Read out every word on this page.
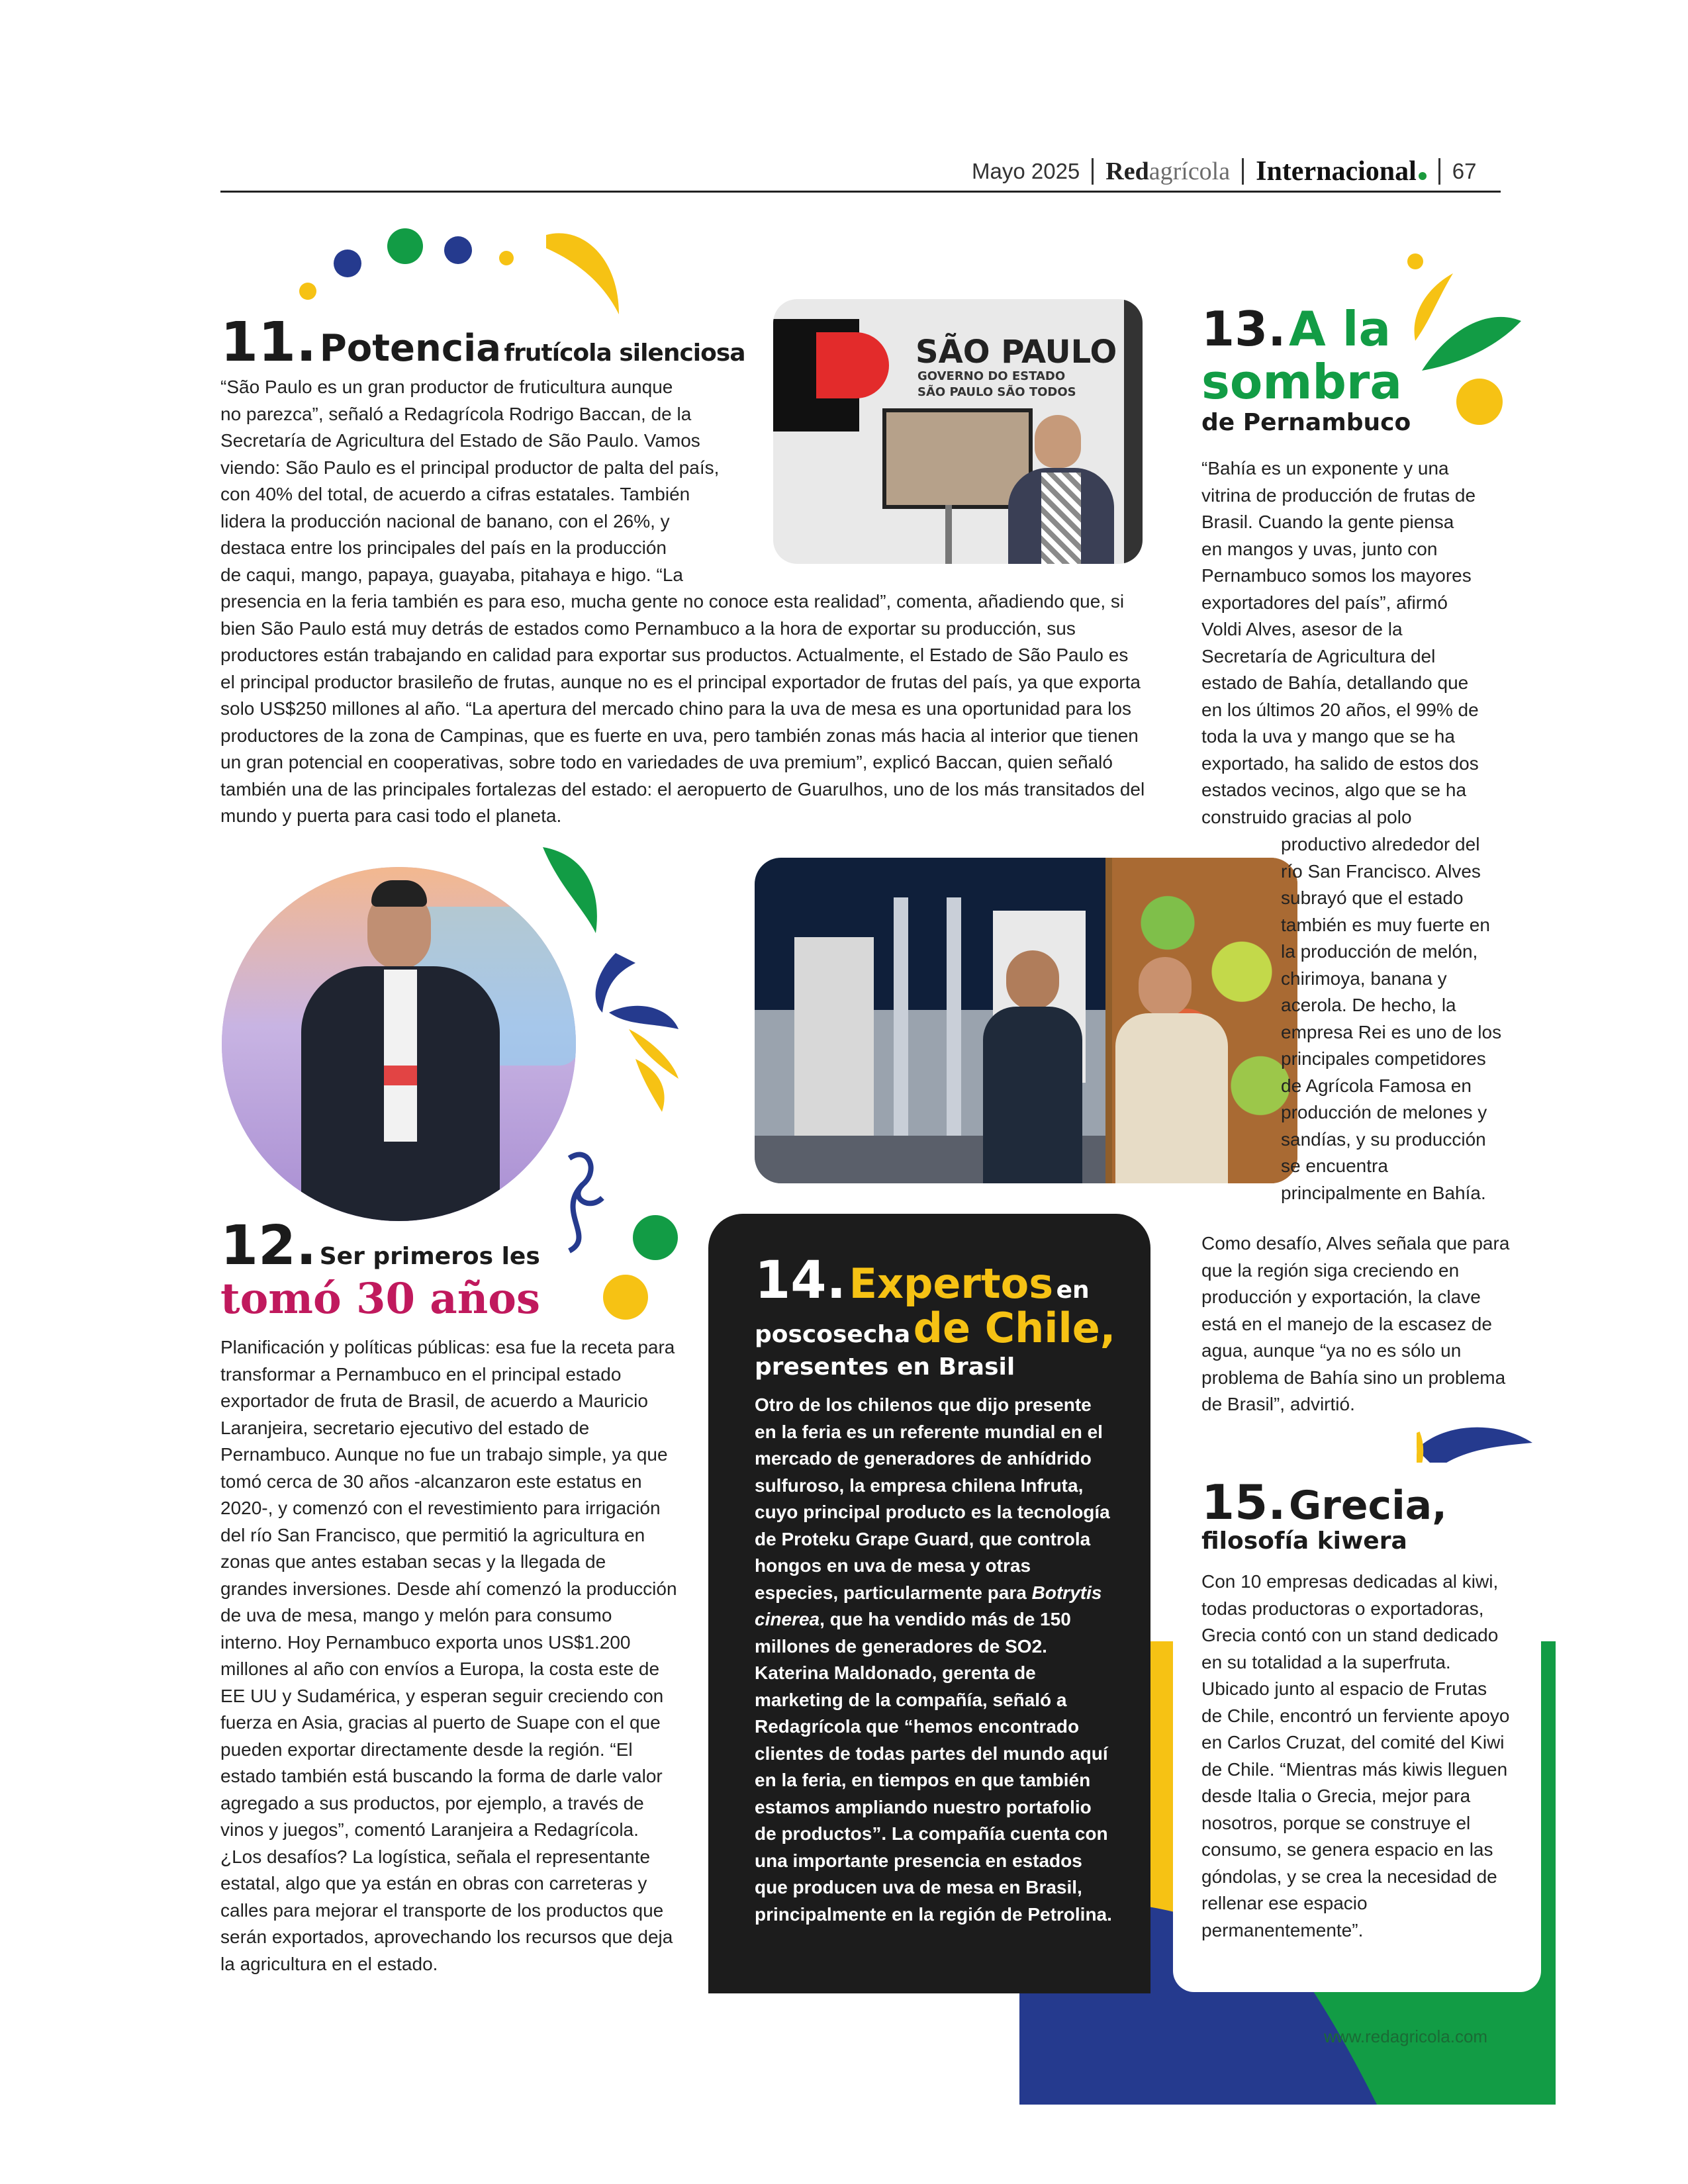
Mayo 2025 Redagrícola Internacional	67
11. Potencia frutícola silenciosa

“São Paulo es un gran productor de fruticultura aunque

no parezca”, señaló a Redagrícola Rodrigo Baccan, de la

Secretaría de Agricultura del Estado de São Paulo. Vamos

viendo: São Paulo es el principal productor de palta del país,

con 40% del total, de acuerdo a cifras estatales. También

lidera la producción nacional de banano, con el 26%, y

destaca entre los principales del país en la producción

de caqui, mango, papaya, guayaba, pitahaya e higo. “La

presencia en la feria también es para eso, mucha gente no conoce esta realidad”, comenta, añadiendo que, si bien São Paulo está muy detrás de estados como Pernambuco a la hora de exportar su producción, sus productores están trabajando en calidad para exportar sus productos. Actualmente, el Estado de São Paulo es el principal productor brasileño de frutas, aunque no es el principal exportador de frutas del país, ya que exporta solo US$250 millones al año. “La apertura del mercado chino para la uva de mesa es una oportunidad para los productores de la zona de Campinas, que es fuerte en uva, pero también zonas más hacia al interior que tienen un gran potencial en cooperativas, sobre todo en variedades de uva premium”, explicó Baccan, quien señaló también una de las principales fortalezas del estado: el aeropuerto de Guarulhos, uno de los más transitados del mundo y puerta para casi todo el planeta.
SÃO PAULO
GOVERNO DO ESTADO
SÃO PAULO SÃO TODOS
12. Ser primeros les
tomó 30 años
Planificación y políticas públicas: esa fue la receta para transformar a Pernambuco en el principal estado exportador de fruta de Brasil, de acuerdo a Mauricio Laranjeira, secretario ejecutivo del estado de Pernambuco. Aunque no fue un trabajo simple, ya que tomó cerca de 30 años -alcanzaron este estatus en 2020-, y comenzó con el revestimiento para irrigación del río San Francisco, que permitió la agricultura en zonas que antes estaban secas y la llegada de grandes inversiones. Desde ahí comenzó la producción de uva de mesa, mango y melón para consumo interno. Hoy Pernambuco exporta unos US$1.200 millones al año con envíos a Europa, la costa este de EE UU y Sudamérica, y esperan seguir creciendo con fuerza en Asia, gracias al puerto de Suape con el que pueden exportar directamente desde la región. “El estado también está buscando la forma de darle valor agregado a sus productos, por ejemplo, a través de vinos y juegos”, comentó Laranjeira a Redagrícola. ¿Los desafíos? La logística, señala el representante estatal, algo que ya están en obras con carreteras y calles para mejorar el transporte de los productos que serán exportados, aprovechando los recursos que deja la agricultura en el estado.
13. A la
sombra
de Pernambuco
“Bahía es un exponente y una vitrina de producción de frutas de Brasil. Cuando la gente piensa en mangos y uvas, junto con Pernambuco somos los mayores exportadores del país”, afirmó Voldi Alves, asesor de la Secretaría de Agricultura del estado de Bahía, detallando que en los últimos 20 años, el 99% de toda la uva y mango que se ha exportado, ha salido de estos dos estados vecinos, algo que se ha construido gracias al polo
productivo alrededor del río San Francisco. Alves subrayó que el estado también es muy fuerte en la producción de melón, chirimoya, banana y acerola. De hecho, la empresa Rei es uno de los principales competidores de Agrícola Famosa en producción de melones y sandías, y su producción se encuentra principalmente en Bahía.
Como desafío, Alves señala que para que la región siga creciendo en producción y exportación, la clave está en el manejo de la escasez de agua, aunque “ya no es sólo un problema de Bahía sino un problema de Brasil”, advirtió.
14. Expertos en
poscosecha de Chile,
presentes en Brasil
Otro de los chilenos que dijo presente en la feria es un referente mundial en el mercado de generadores de anhídrido sulfuroso, la empresa chilena Infruta, cuyo principal producto es la tecnología de Proteku Grape Guard, que controla hongos en uva de mesa y otras especies, particularmente para Botrytis cinerea, que ha vendido más de 150 millones de generadores de SO2. Katerina Maldonado, gerenta de marketing de la compañía, señaló a Redagrícola que “hemos encontrado clientes de todas partes del mundo aquí en la feria, en tiempos en que también estamos ampliando nuestro portafolio de productos”. La compañía cuenta con una importante presencia en estados que producen uva de mesa en Brasil, principalmente en la región de Petrolina.
15. Grecia,
filosofía kiwera
Con 10 empresas dedicadas al kiwi, todas productoras o exportadoras, Grecia contó con un stand dedicado en su totalidad a la superfruta. Ubicado junto al espacio de Frutas de Chile, encontró un ferviente apoyo en Carlos Cruzat, del comité del Kiwi de Chile. “Mientras más kiwis lleguen desde Italia o Grecia, mejor para nosotros, porque se construye el consumo, se genera espacio en las góndolas, y se crea la necesidad de rellenar ese espacio permanentemente”.
www.redagricola.com
